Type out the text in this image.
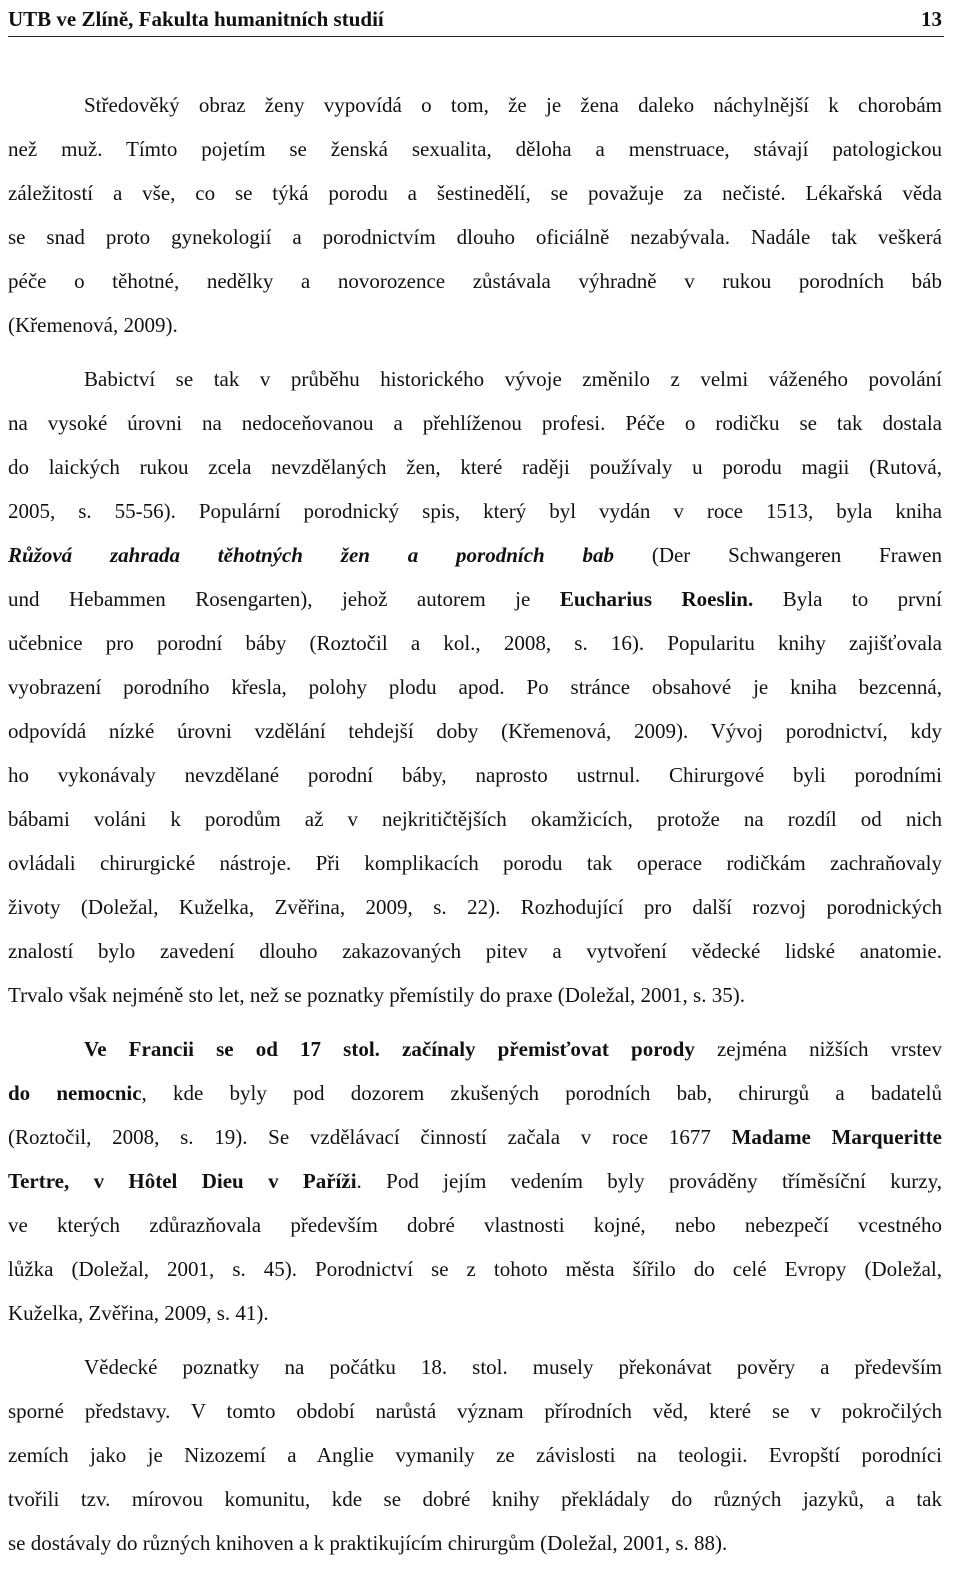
UTB ve Zlíně, Fakulta humanitních studií	13
Středověký obraz ženy vypovídá o tom, že je žena daleko náchylnější k chorobám
než muž. Tímto pojetím se ženská sexualita, děloha a menstruace, stávají patologickou
záležitostí a vše, co se týká porodu a šestinedělí, se považuje za nečisté. Lékařská věda
se snad proto gynekologií a porodnictvím dlouho oficiálně nezabývala. Nadále tak veškerá
péče o těhotné, nedělky a novorozence zůstávala výhradně v rukou porodních báb
(Křemenová, 2009).
Babictví se tak v průběhu historického vývoje změnilo z velmi váženého povolání
na vysoké úrovni na nedoceňovanou a přehlíženou profesi. Péče o rodičku se tak dostala
do laických rukou zcela nevzdělaných žen, které raději používaly u porodu magii (Rutová,
2005, s. 55-56). Populární porodnický spis, který byl vydán v roce 1513, byla kniha
Růžová zahrada těhotných žen a porodních bab (Der Schwangeren Frawen
und Hebammen Rosengarten), jehož autorem je Eucharius Roeslin. Byla to první
učebnice pro porodní báby (Roztočil a kol., 2008, s. 16). Popularitu knihy zajišťovala
vyobrazení porodního křesla, polohy plodu apod. Po stránce obsahové je kniha bezcenná,
odpovídá nízké úrovni vzdělání tehdejší doby (Křemenová, 2009). Vývoj porodnictví, kdy
ho vykonávaly nevzdělané porodní báby, naprosto ustrnul. Chirurgové byli porodními
bábami voláni k porodům až v nejkritičtějších okamžicích, protože na rozdíl od nich
ovládali chirurgické nástroje. Při komplikacích porodu tak operace rodičkám zachraňovaly
životy (Doležal, Kuželka, Zvěřina, 2009, s. 22). Rozhodující pro další rozvoj porodnických
znalostí bylo zavedení dlouho zakazovaných pitev a vytvoření vědecké lidské anatomie.
Trvalo však nejméně sto let, než se poznatky přemístily do praxe (Doležal, 2001, s. 35).
Ve Francii se od 17 stol. začínaly přemisťovat porody zejména nižších vrstev
do nemocnic, kde byly pod dozorem zkušených porodních bab, chirurgů a badatelů
(Roztočil, 2008, s. 19). Se vzdělávací činností začala v roce 1677 Madame Marqueritte
Tertre, v Hôtel Dieu v Paříži. Pod jejím vedením byly prováděny tříměsíční kurzy,
ve kterých zdůrazňovala především dobré vlastnosti kojné, nebo nebezpečí vcestného
lůžka (Doležal, 2001, s. 45). Porodnictví se z tohoto města šířilo do celé Evropy (Doležal,
Kuželka, Zvěřina, 2009, s. 41).
Vědecké poznatky na počátku 18. stol. musely překonávat pověry a především
sporné představy. V tomto období narůstá význam přírodních věd, které se v pokročilých
zemích jako je Nizozemí a Anglie vymanily ze závislosti na teologii. Evropští porodníci
tvořili tzv. mírovou komunitu, kde se dobré knihy překládaly do různých jazyků, a tak
se dostávaly do různých knihoven a k praktikujícím chirurgům (Doležal, 2001, s. 88).
